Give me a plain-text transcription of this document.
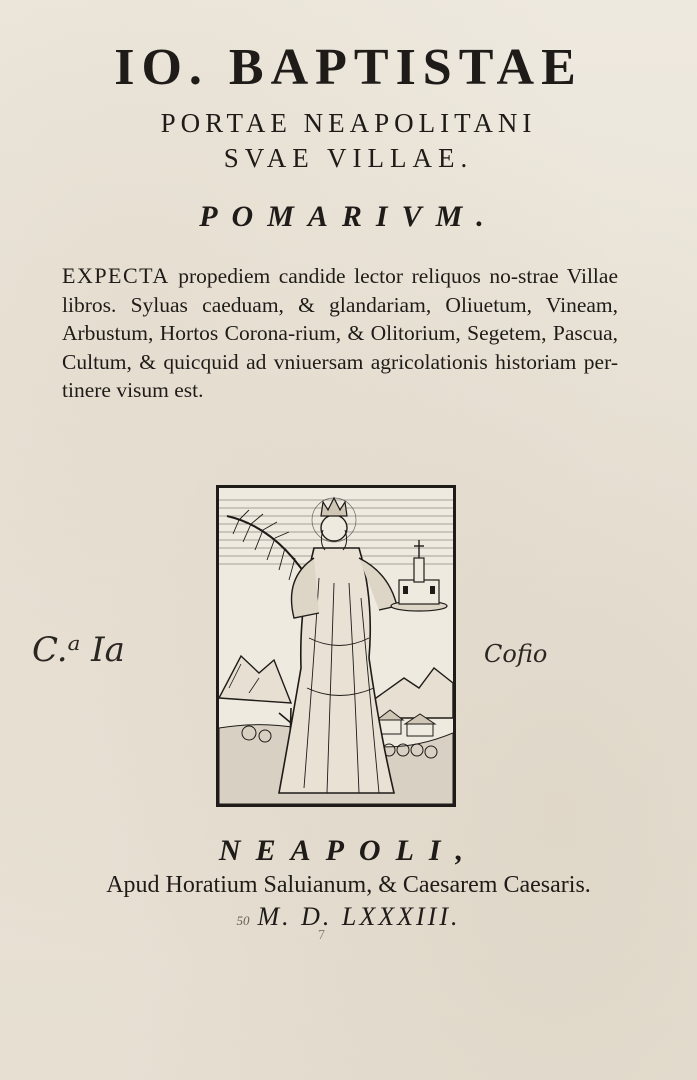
IO. BAPTISTAE
PORTAE NEAPOLITANI
SVAE VILLAE.
POMARIVM.
EXPECTA propediem candide lector reliquos no-strae Villae libros. Syluas caeduam, & glandariam, Oliuetum, Vineam, Arbustum, Hortos Corona-rium, & Olitorium, Segetem, Pascua, Cultum, & quicquid ad vniuersam agricolationis historiam per-tinere visum est.
C.ᵃ Ia	Cofio
NEAPOLI,
Apud Horatium Saluianum, & Caesarem Caesaris.
50 M. D. LXXXIII.
7
